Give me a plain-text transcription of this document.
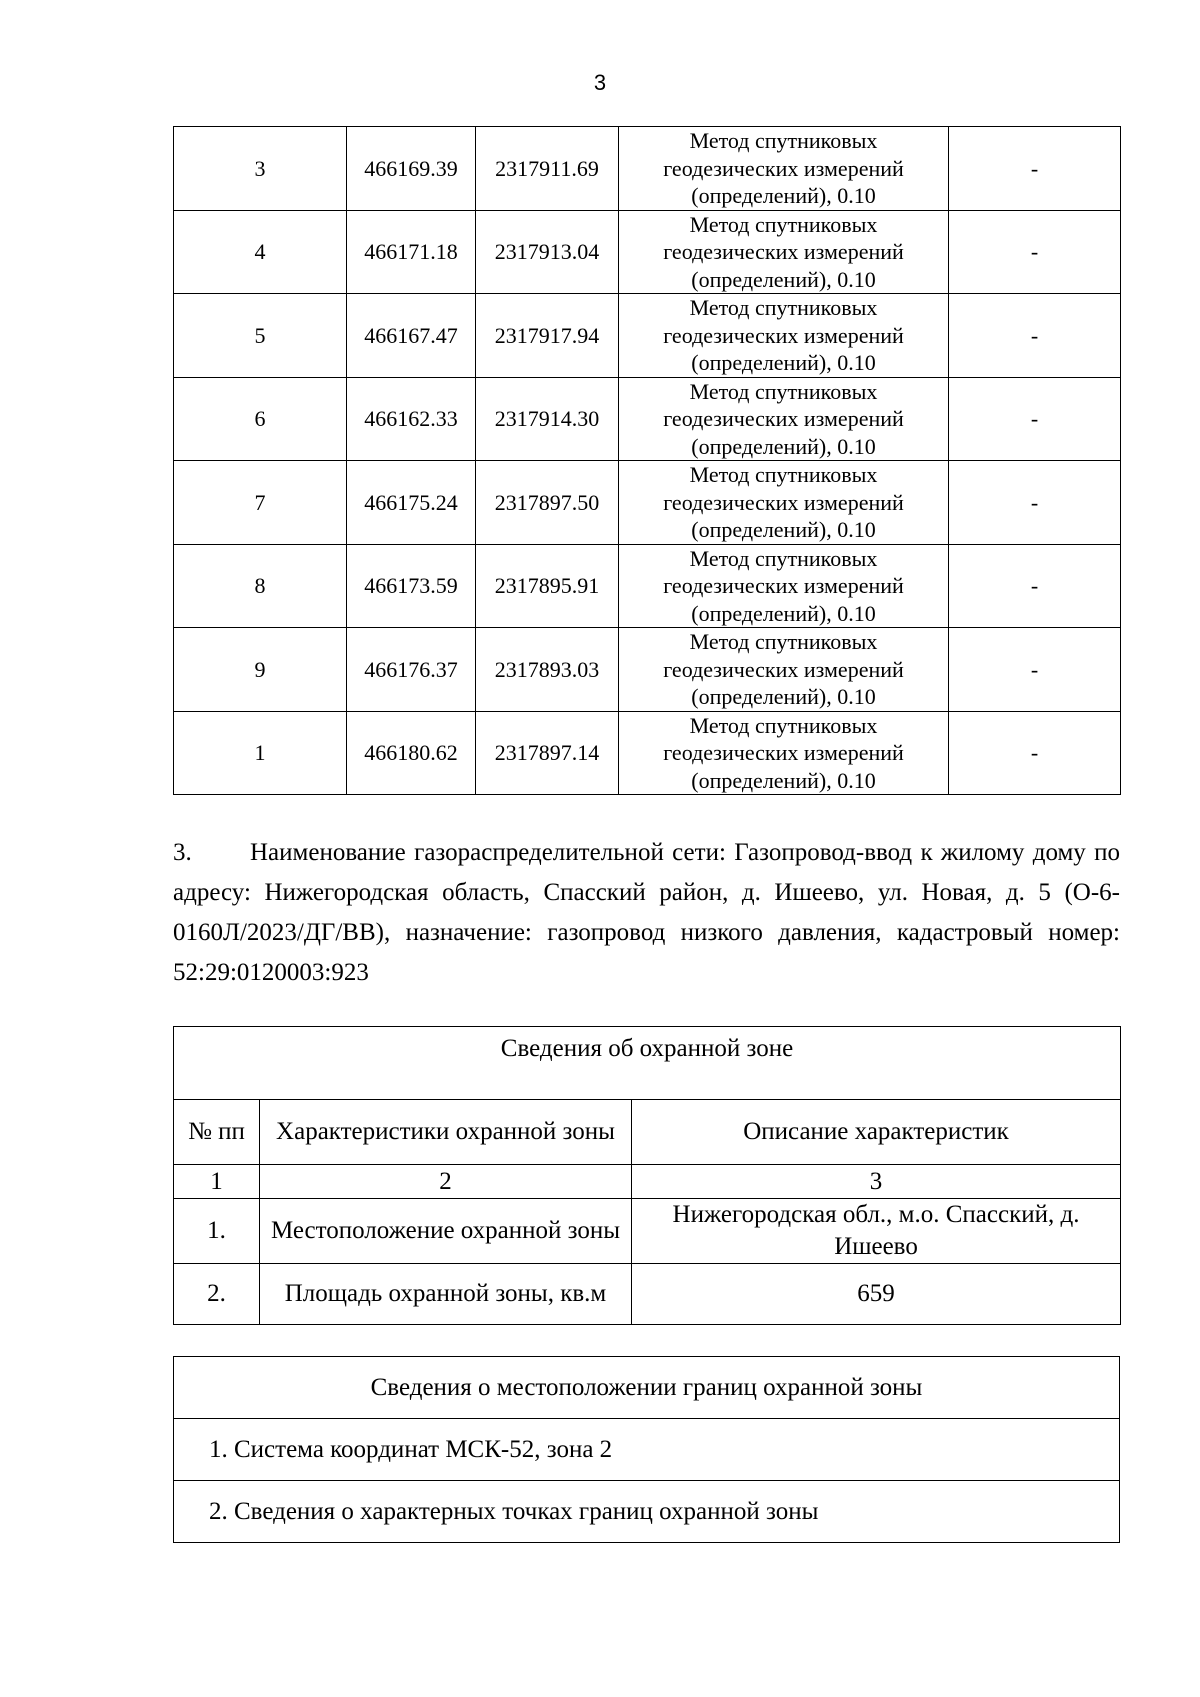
3
3	466169.39	2317911.69	Метод спутниковых
геодезических измерений
(определений), 0.10	-
4	466171.18	2317913.04	Метод спутниковых
геодезических измерений
(определений), 0.10	-
5	466167.47	2317917.94	Метод спутниковых
геодезических измерений
(определений), 0.10	-
6	466162.33	2317914.30	Метод спутниковых
геодезических измерений
(определений), 0.10	-
7	466175.24	2317897.50	Метод спутниковых
геодезических измерений
(определений), 0.10	-
8	466173.59	2317895.91	Метод спутниковых
геодезических измерений
(определений), 0.10	-
9	466176.37	2317893.03	Метод спутниковых
геодезических измерений
(определений), 0.10	-
1	466180.62	2317897.14	Метод спутниковых
геодезических измерений
(определений), 0.10	-
3. Наименование газораспределительной сети: Газопровод-ввод к жилому дому по адресу: Нижегородская область, Спасский район, д. Ишеево, ул. Новая, д. 5 (О-6-0160Л/2023/ДГ/ВВ), назначение: газопровод низкого давления, кадастровый номер: 52:29:0120003:923
Сведения об охранной зоне		
№ пп	Характеристики охранной зоны	Описание характеристик
1	2	3
1.	Местоположение охранной зоны	Нижегородская обл., м.о. Спасский, д. Ишеево
2.	Площадь охранной зоны, кв.м	659
Сведения о местоположении границ охранной зоны
1. Система координат МСК-52, зона 2
2. Сведения о характерных точках границ охранной зоны
